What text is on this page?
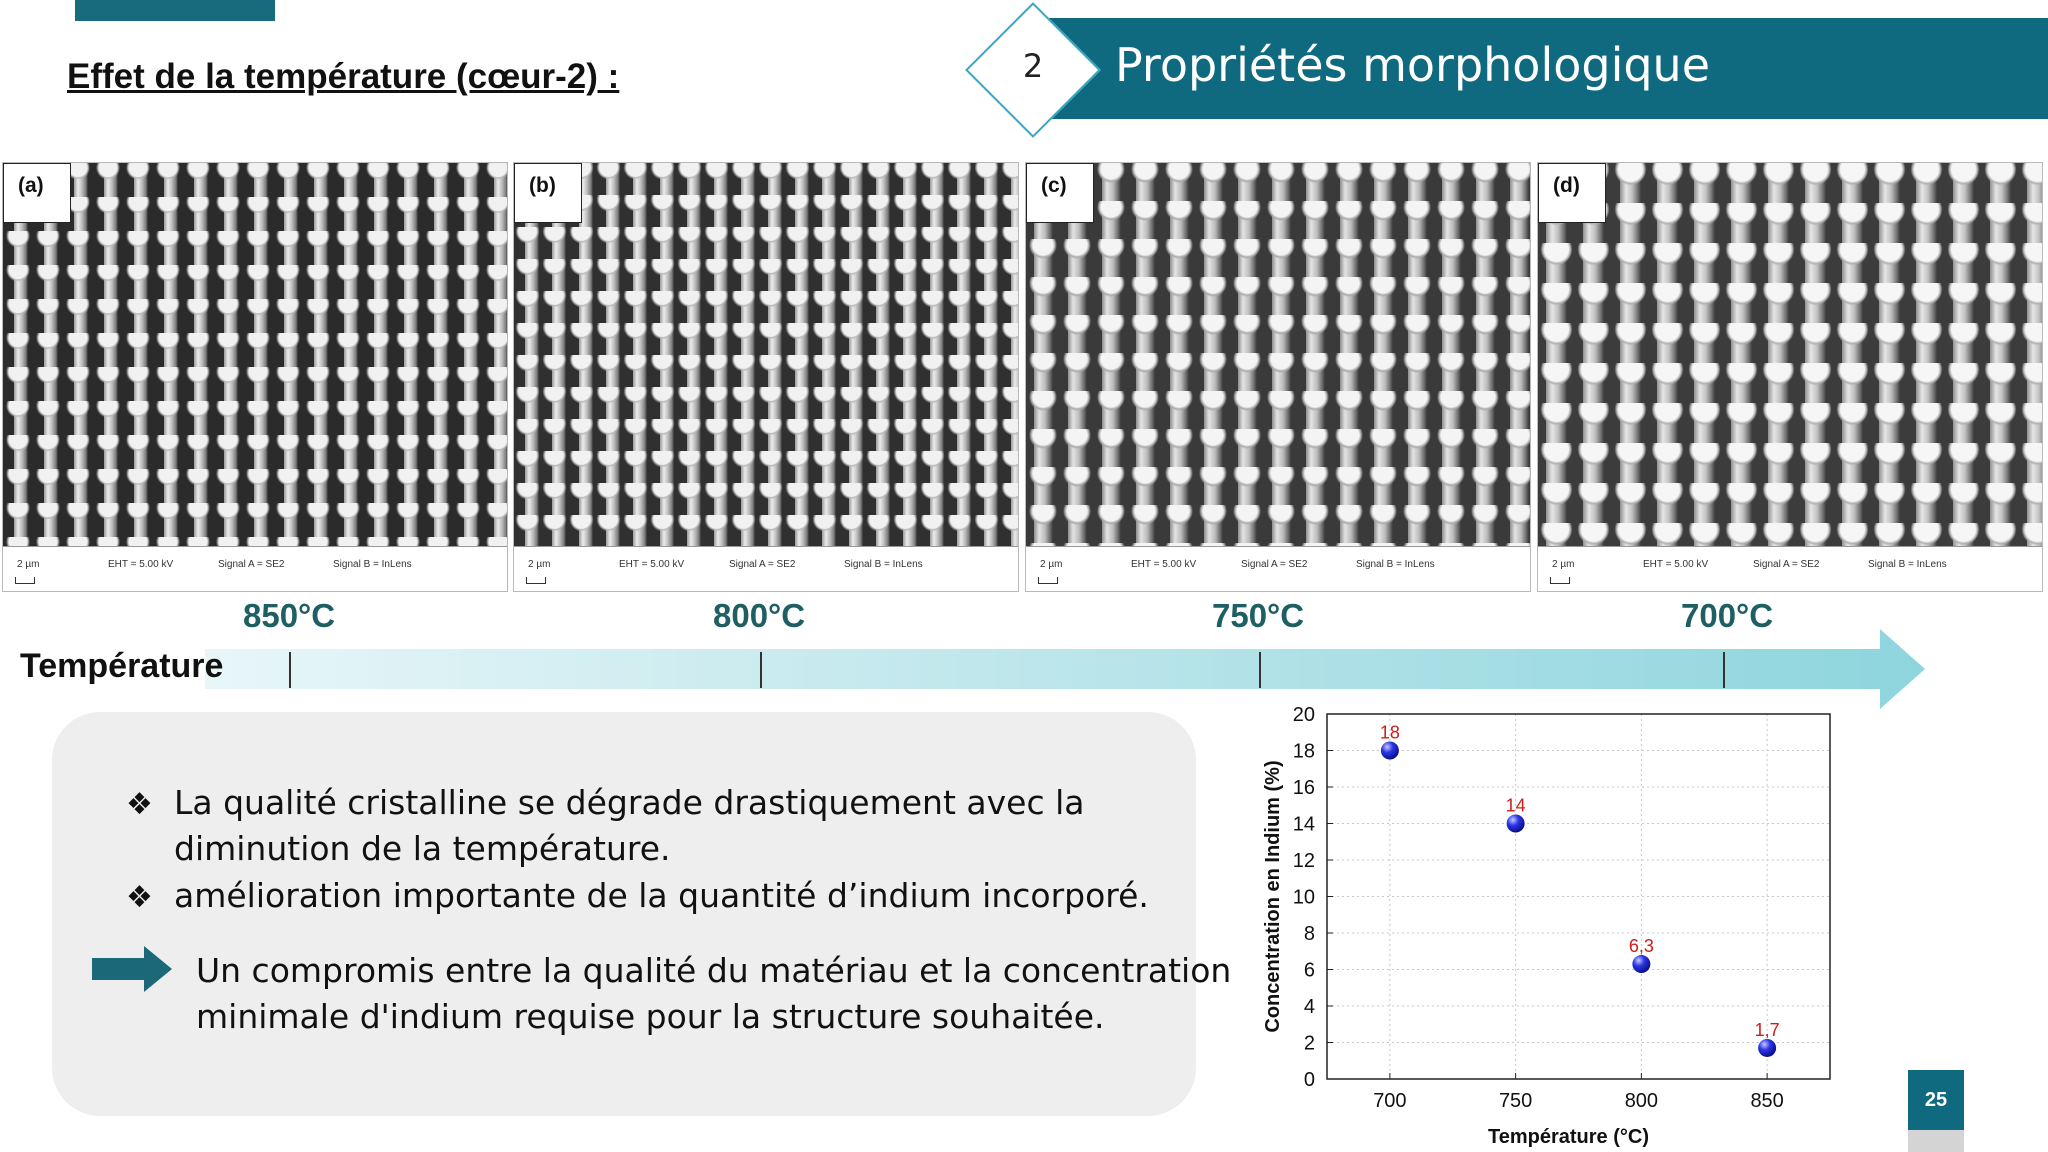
Effet de la température (cœur-2) :	Propriétés morphologique
2
2 µm	EHT = 5.00 kV	Signal A = SE2	Signal B = InLens
(a)
2 µm	EHT = 5.00 kV	Signal A = SE2	Signal B = InLens
(b)
2 µm	EHT = 5.00 kV	Signal A = SE2	Signal B = InLens
(c)
2 µm	EHT = 5.00 kV	Signal A = SE2	Signal B = InLens
(d)
850°C	800°C	750°C	700°C
Température
❖ La qualité cristalline se dégrade drastiquement avec la
diminution de la température.
❖ amélioration importante de la quantité d’indium incorporé.
Un compromis entre la qualité du matériau et la concentration
minimale d'indium requise pour la structure souhaitée.
0
2
4
6
8
10
12
14
16
18
20
700	750	800	850
Température (°C)
Concentration en Indium (%)
18
14
6,3
1,7
25
